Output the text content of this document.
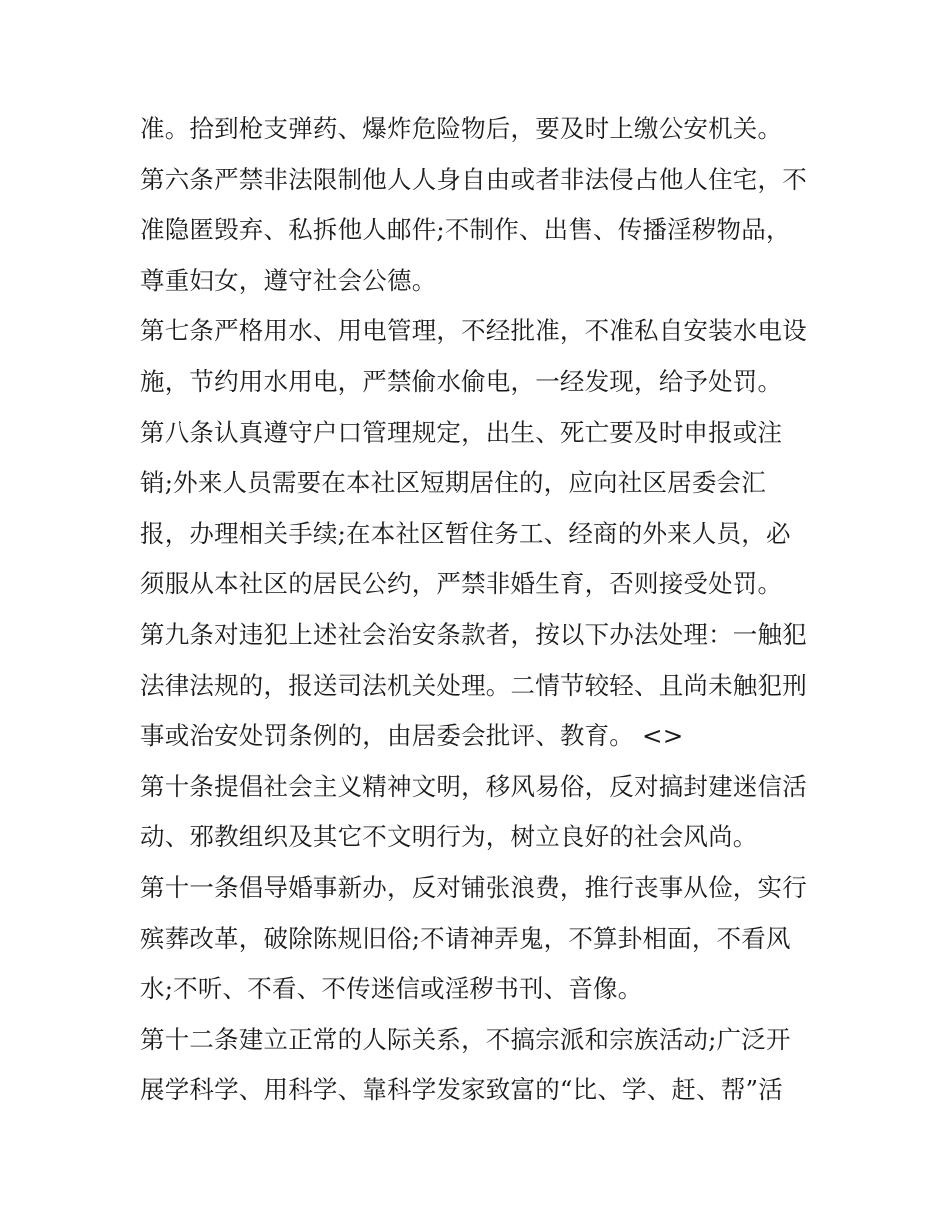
准。拾到枪支弹药、爆炸危险物后，要及时上缴公安机关。
第六条严禁非法限制他人人身自由或者非法侵占他人住宅，不
准隐匿毁弃、私拆他人邮件;不制作、出售、传播淫秽物品，
尊重妇女，遵守社会公德。
第七条严格用水、用电管理，不经批准，不准私自安装水电设
施，节约用水用电，严禁偷水偷电，一经发现，给予处罚。
第八条认真遵守户口管理规定，出生、死亡要及时申报或注
销;外来人员需要在本社区短期居住的，应向社区居委会汇
报，办理相关手续;在本社区暂住务工、经商的外来人员，必
须服从本社区的居民公约，严禁非婚生育，否则接受处罚。
第九条对违犯上述社会治安条款者，按以下办法处理：一触犯
法律法规的，报送司法机关处理。二情节较轻、且尚未触犯刑
事或治安处罚条例的，由居委会批评、教育。 <>
第十条提倡社会主义精神文明，移风易俗，反对搞封建迷信活
动、邪教组织及其它不文明行为，树立良好的社会风尚。
第十一条倡导婚事新办，反对铺张浪费，推行丧事从俭，实行
殡葬改革，破除陈规旧俗;不请神弄鬼，不算卦相面，不看风
水;不听、不看、不传迷信或淫秽书刊、音像。
第十二条建立正常的人际关系，不搞宗派和宗族活动;广泛开
展学科学、用科学、靠科学发家致富的“比、学、赶、帮”活
